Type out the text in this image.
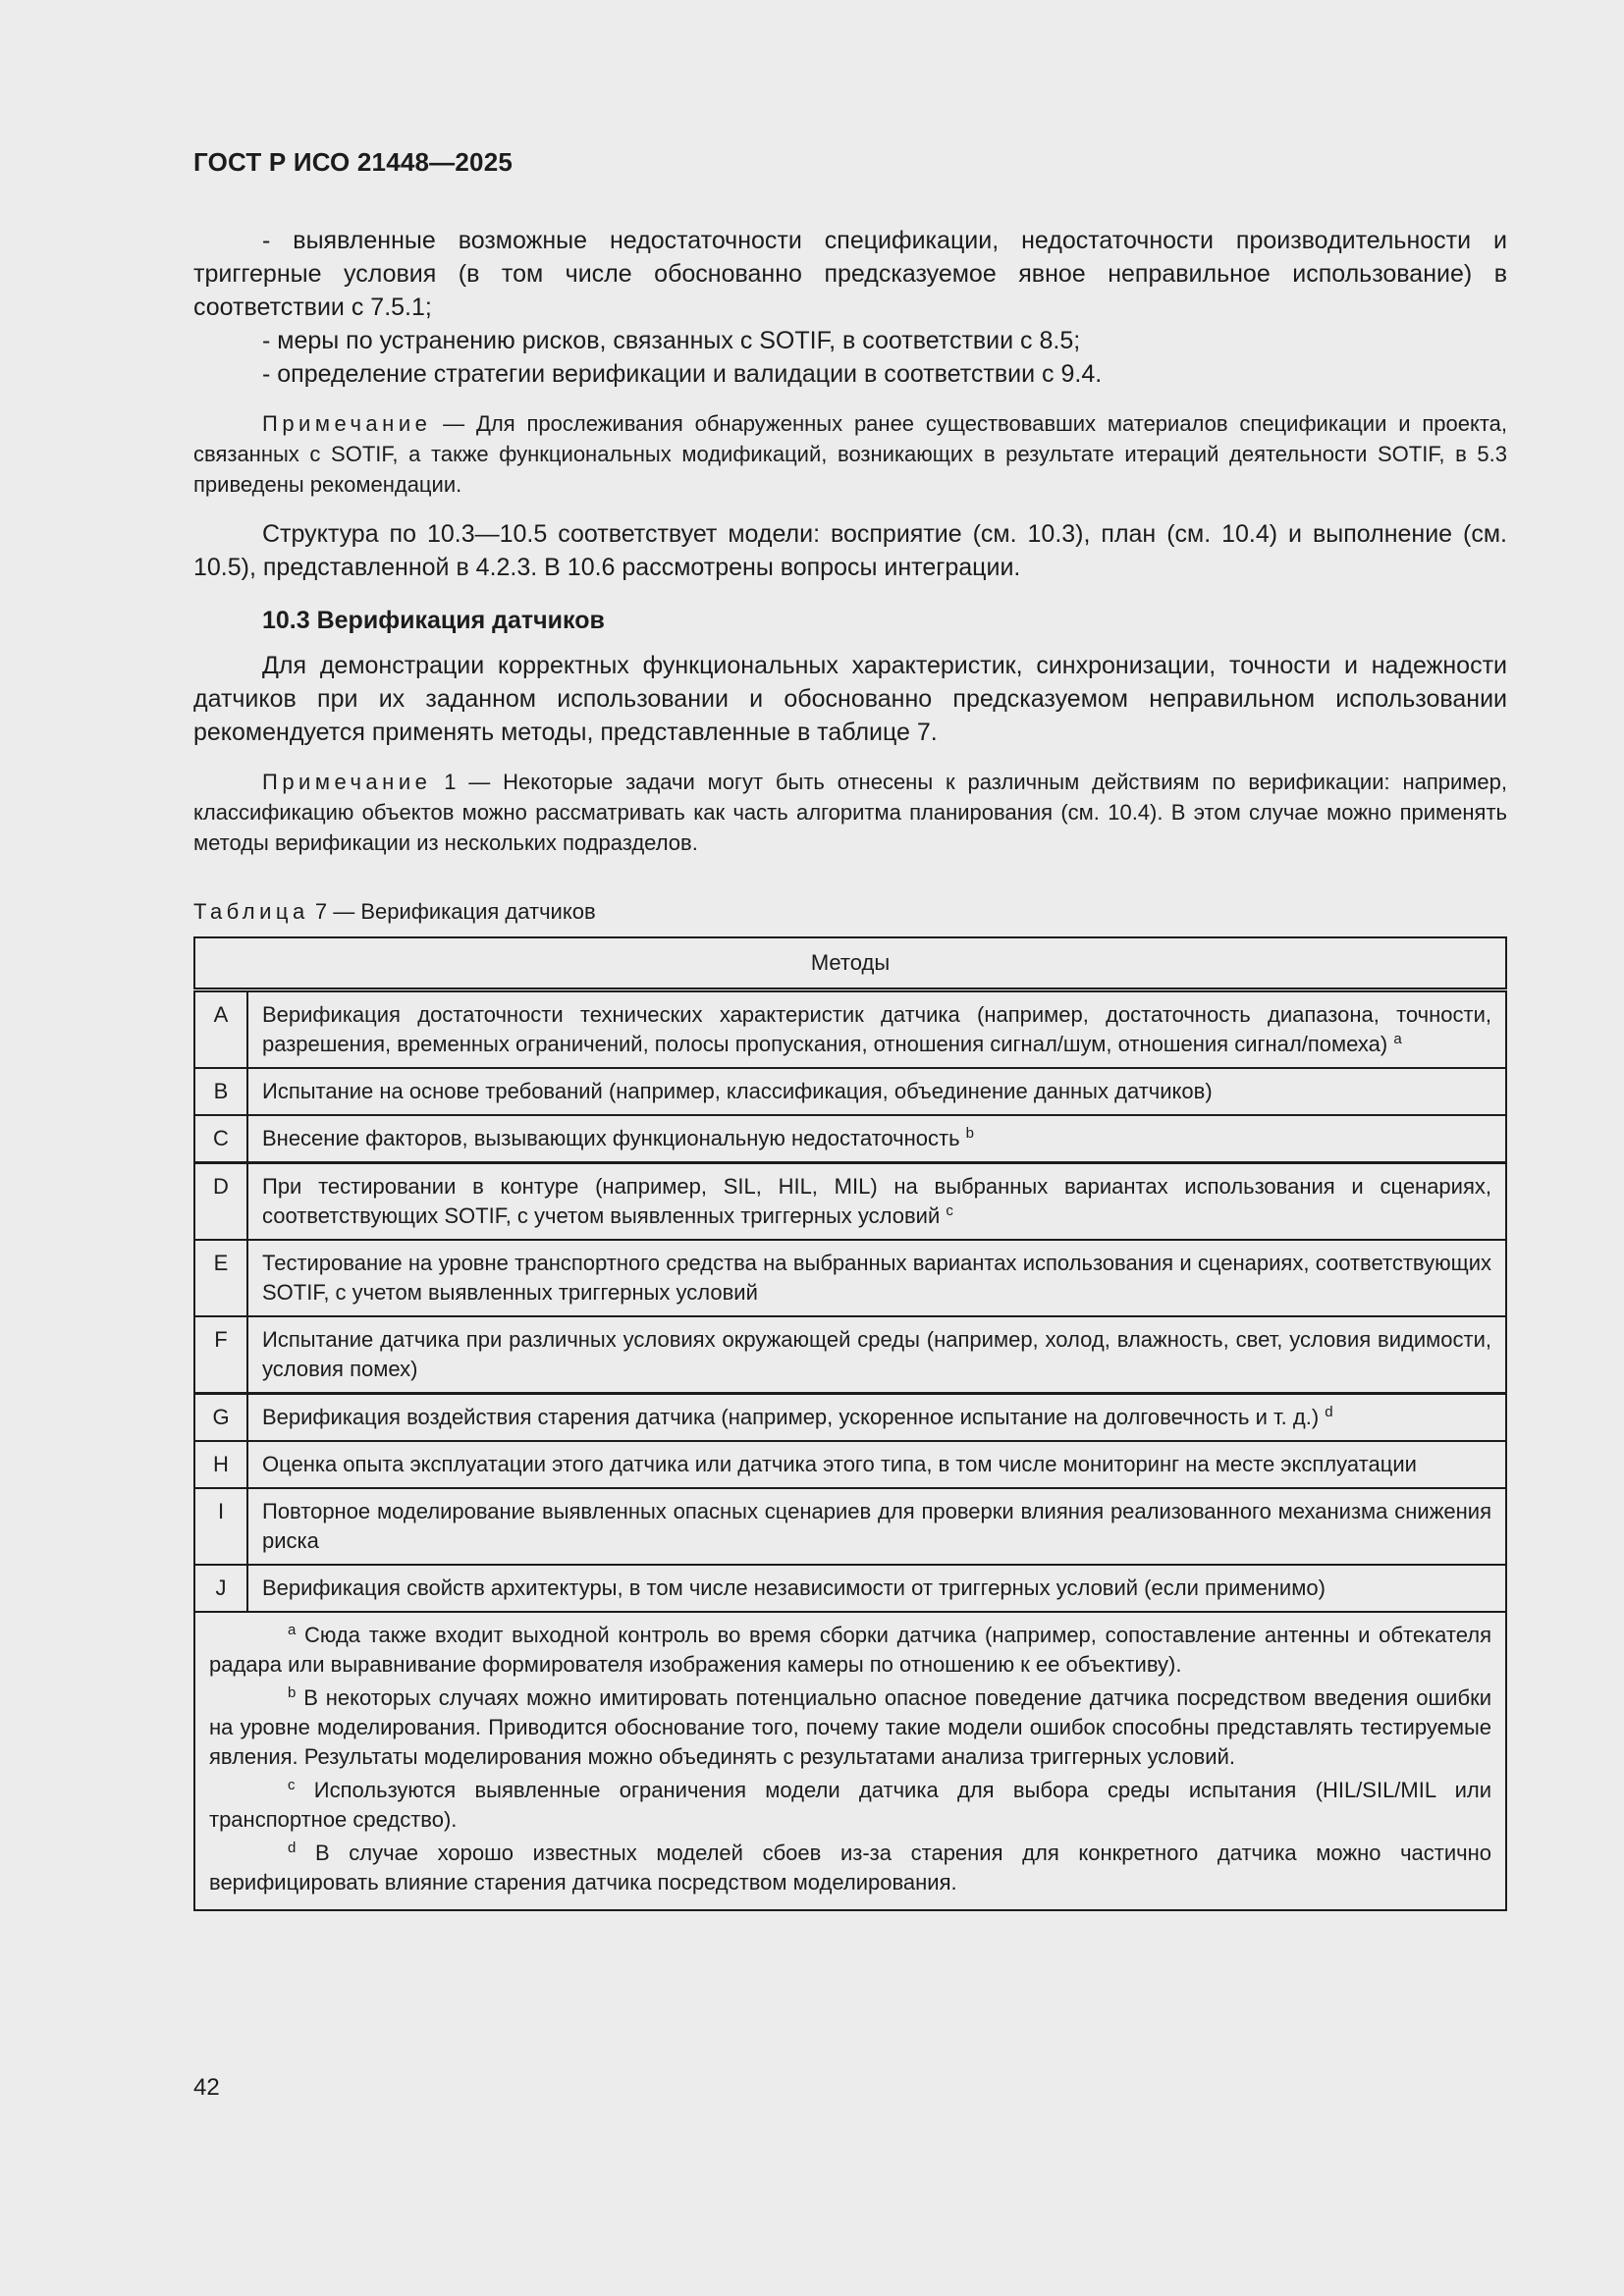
ГОСТ Р ИСО 21448—2025

- выявленные возможные недостаточности спецификации, недостаточности производительности и триггерные условия (в том числе обоснованно предсказуемое явное неправильное использование) в соответствии с 7.5.1;

- меры по устранению рисков, связанных с SOTIF, в соответствии с 8.5;

- определение стратегии верификации и валидации в соответствии с 9.4.

Примечание — Для прослеживания обнаруженных ранее существовавших материалов спецификации и проекта, связанных с SOTIF, а также функциональных модификаций, возникающих в результате итераций деятельности SOTIF, в 5.3 приведены рекомендации.

Структура по 10.3—10.5 соответствует модели: восприятие (см. 10.3), план (см. 10.4) и выполнение (см. 10.5), представленной в 4.2.3. В 10.6 рассмотрены вопросы интеграции.

10.3 Верификация датчиков

Для демонстрации корректных функциональных характеристик, синхронизации, точности и надежности датчиков при их заданном использовании и обоснованно предсказуемом неправильном использовании рекомендуется применять методы, представленные в таблице 7.

Примечание 1 — Некоторые задачи могут быть отнесены к различным действиям по верификации: например, классификацию объектов можно рассматривать как часть алгоритма планирования (см. 10.4). В этом случае можно применять методы верификации из нескольких подразделов.

Таблица 7 — Верификация датчиков

Методы	
A	Верификация достаточности технических характеристик датчика (например, достаточность диапазона, точности, разрешения, временных ограничений, полосы пропускания, отношения сигнал/шум, отношения сигнал/помеха) $^a$
B	Испытание на основе требований (например, классификация, объединение данных датчиков)
C	Внесение факторов, вызывающих функциональную недостаточность $^b$
D	При тестировании в контуре (например, SIL, HIL, MIL) на выбранных вариантах использования и сценариях, соответствующих SOTIF, с учетом выявленных триггерных условий $^c$
E	Тестирование на уровне транспортного средства на выбранных вариантах использования и сценариях, соответствующих SOTIF, с учетом выявленных триггерных условий
F	Испытание датчика при различных условиях окружающей среды (например, холод, влажность, свет, условия видимости, условия помех)
G	Верификация воздействия старения датчика (например, ускоренное испытание на долговечность и т. д.) $^d$
H	Оценка опыта эксплуатации этого датчика или датчика этого типа, в том числе мониторинг на месте эксплуатации
I	Повторное моделирование выявленных опасных сценариев для проверки влияния реализованного механизма снижения риска
J	Верификация свойств архитектуры, в том числе независимости от триггерных условий (если применимо)

$^a$ Сюда также входит выходной контроль во время сборки датчика (например, сопоставление антенны и обтекателя радара или выравнивание формирователя изображения камеры по отношению к ее объективу).

$^b$ В некоторых случаях можно имитировать потенциально опасное поведение датчика посредством введения ошибки на уровне моделирования. Приводится обоснование того, почему такие модели ошибок способны представлять тестируемые явления. Результаты моделирования можно объединять с результатами анализа триггерных условий.

$^c$ Используются выявленные ограничения модели датчика для выбора среды испытания (HIL/SIL/MIL или транспортное средство).

$^d$ В случае хорошо известных моделей сбоев из-за старения для конкретного датчика можно частично верифицировать влияние старения датчика посредством моделирования.	

42
